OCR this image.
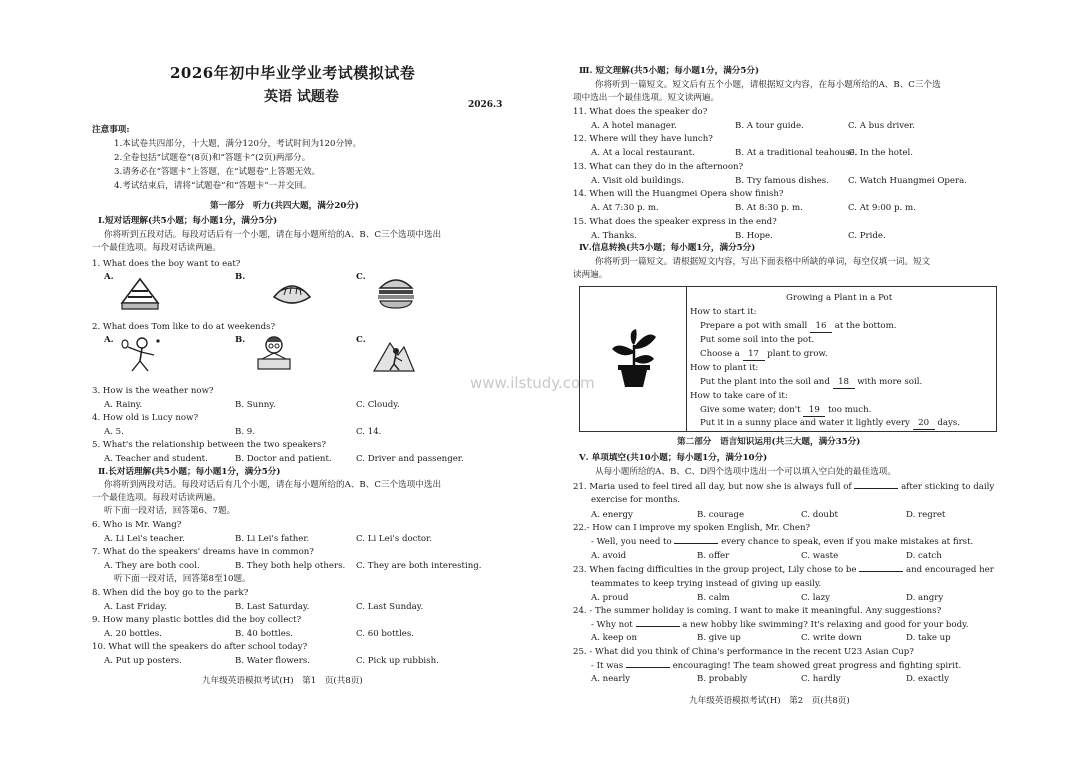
2026年初中毕业学业考试模拟试卷
英语 试题卷	2026.3
注意事项:
1.本试卷共四部分，十大题，满分120分，考试时间为120分钟。
2.全卷包括“试题卷”(8页)和“答题卡”(2页)两部分。
3.请务必在“答题卡”上答题，在“试题卷”上答题无效。
4.考试结束后，请将“试题卷”和“答题卡”一并交回。
第一部分　听力(共四大题，满分20分)
Ⅰ.短对话理解(共5小题；每小题1分，满分5分)
你将听到五段对话。每段对话后有一个小题，请在每小题所给的A、B、C三个选项中选出
一个最佳选项。每段对话读两遍。
1. What does the boy want to eat?
A.	B.	C.
2. What does Tom like to do at weekends?
A.	B.	C.
3. How is the weather now?
A. Rainy.	B. Sunny.	C. Cloudy.
4. How old is Lucy now?
A. 5.	B. 9.	C. 14.
5. What's the relationship between the two speakers?
A. Teacher and student.	B. Doctor and patient.	C. Driver and passenger.
Ⅱ.长对话理解(共5小题；每小题1分，满分5分)
你将听到两段对话。每段对话后有几个小题，请在每小题所给的A、B、C三个选项中选出
一个最佳选项。每段对话读两遍。
听下面一段对话，回答第6、7题。
6. Who is Mr. Wang?
A. Li Lei's teacher.	B. Li Lei's father.	C. Li Lei's doctor.
7. What do the speakers' dreams have in common?
A. They are both cool.	B. They both help others. C. They are both interesting.
听下面一段对话，回答第8至10题。
8. When did the boy go to the park?
A. Last Friday.	B. Last Saturday.	C. Last Sunday.
9. How many plastic bottles did the boy collect?
A. 20 bottles.	B. 40 bottles.	C. 60 bottles.
10. What will the speakers do after school today?
A. Put up posters.	B. Water flowers.	C. Pick up rubbish.
九年级英语模拟考试(H)　第1　页(共8页)
www.ilstudy.com
Ⅲ. 短文理解(共5小题；每小题1分，满分5分)
你将听到一篇短文。短文后有五个小题，请根据短文内容，在每小题所给的A、B、C三个选
项中选出一个最佳选项。短文读两遍。
11. What does the speaker do?
A. A hotel manager.	B. A tour guide.	C. A bus driver.
12. Where will they have lunch?
A. At a local restaurant.	B. At a traditional teahouse.
C. In the hotel.
13. What can they do in the afternoon?
A. Visit old buildings.	B. Try famous dishes. C. Watch Huangmei Opera.
14. When will the Huangmei Opera show finish?
A. At 7:30 p. m.	B. At 8:30 p. m.	C. At 9:00 p. m.
15. What does the speaker express in the end?
A. Thanks.	B. Hope.	C. Pride.
Ⅳ.信息转换(共5小题；每小题1分，满分5分)
你将听到一篇短文。请根据短文内容，写出下面表格中所缺的单词，每空仅填一词。短文
读两遍。
Growing a Plant in a Pot
How to start it:
Prepare a pot with small 16 at the bottom.
Put some soil into the pot.
Choose a 17 plant to grow.
How to plant it:
Put the plant into the soil and 18 with more soil.
How to take care of it:
Give some water; don't 19 too much.
Put it in a sunny place and water it lightly every 20 days.
第二部分　语言知识运用(共三大题，满分35分)
Ⅴ. 单项填空(共10小题；每小题1分，满分10分)
从每小题所给的A、B、C、D四个选项中选出一个可以填入空白处的最佳选项。
21. Maria used to feel tired all day, but now she is always full of	after sticking to daily
exercise for months.
A. energy	B. courage	C. doubt	D. regret
22.- How can I improve my spoken English, Mr. Chen?
- Well, you need to	every chance to speak, even if you make mistakes at first.
A. avoid	B. offer	C. waste	D. catch
23. When facing difficulties in the group project, Lily chose to be	and encouraged her
teammates to keep trying instead of giving up easily.
A. proud	B. calm	C. lazy	D. angry
24. - The summer holiday is coming. I want to make it meaningful. Any suggestions?
- Why not	a new hobby like swimming? It's relaxing and good for your body.
A. keep on	B. give up	C. write down	D. take up
25. - What did you think of China's performance in the recent U23 Asian Cup?
- It was	encouraging! The team showed great progress and fighting spirit.
A. nearly	B. probably	C. hardly	D. exactly
九年级英语模拟考试(H)　第2　页(共8页)
